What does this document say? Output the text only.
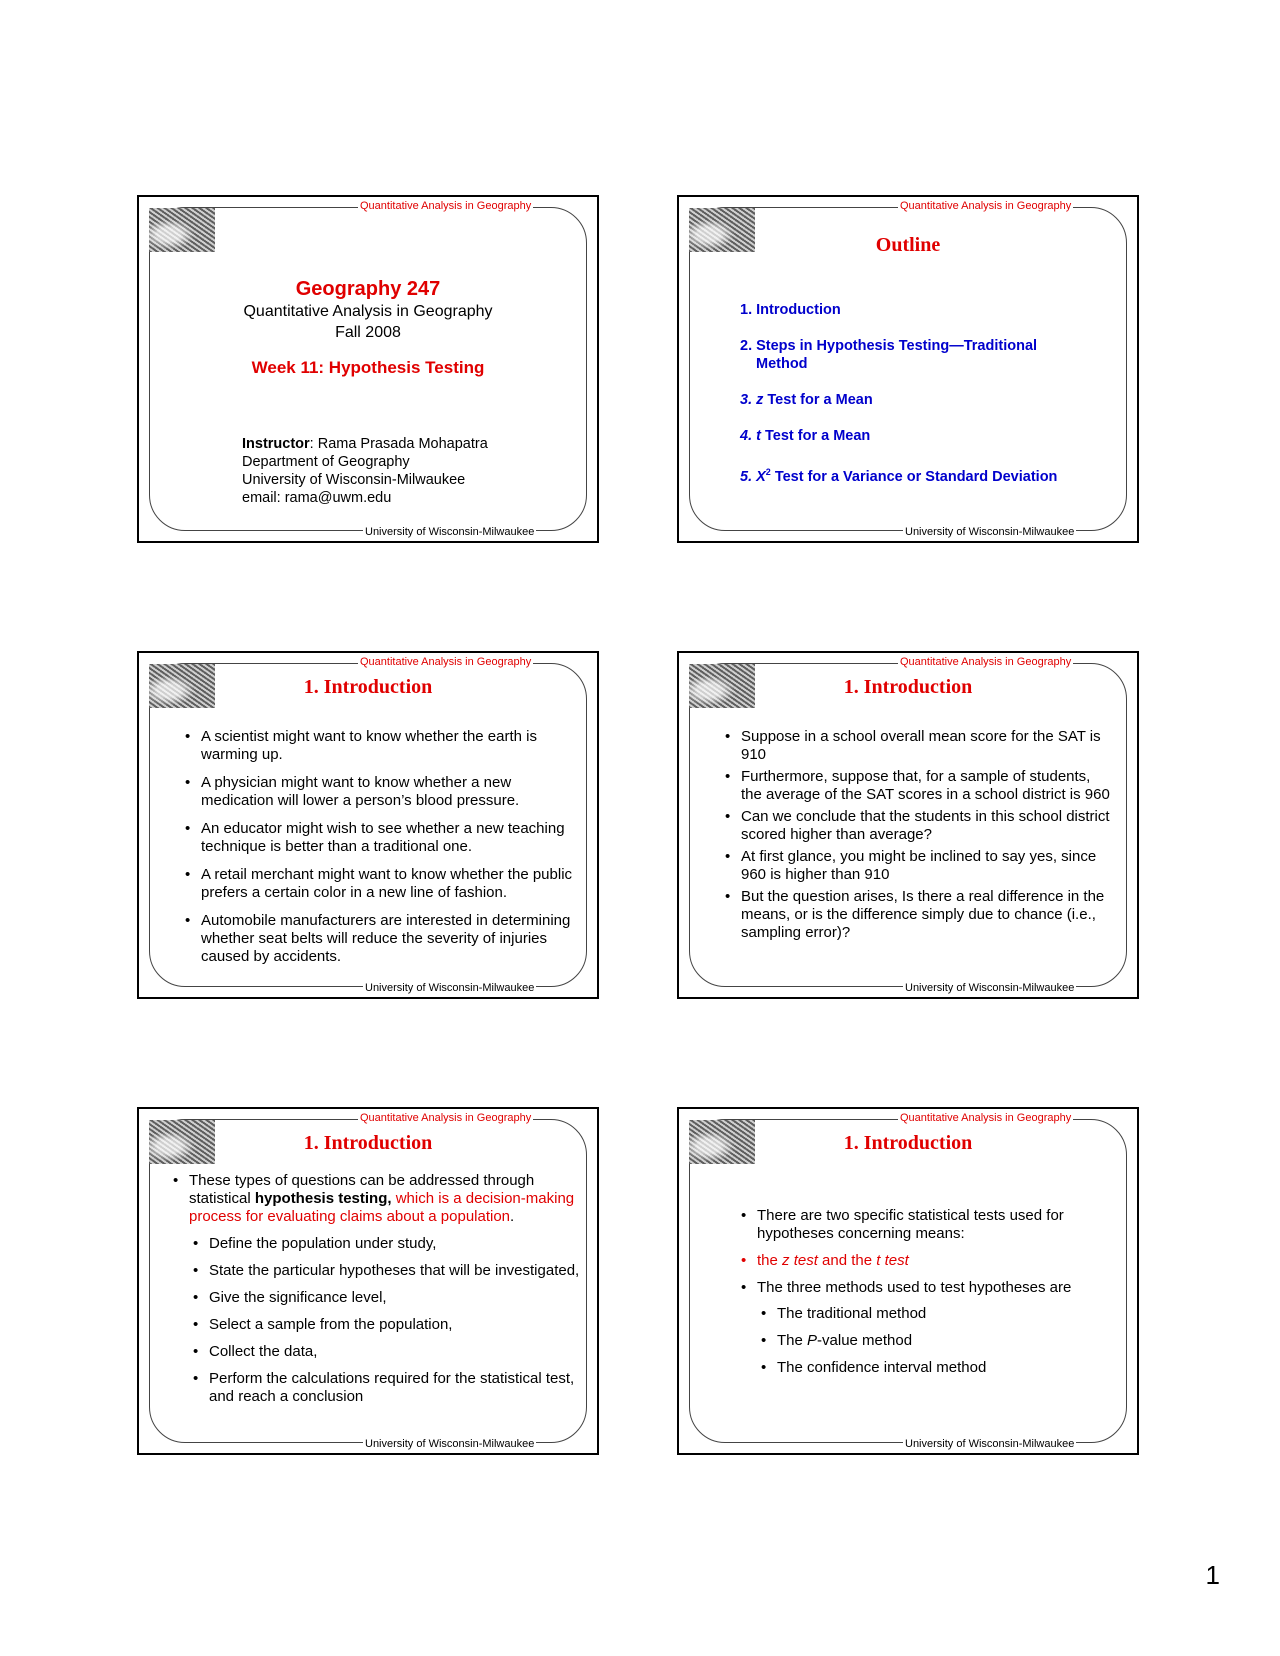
Quantitative Analysis in Geography
University of Wisconsin-Milwaukee
Geography 247
Quantitative Analysis in Geography
Fall 2008
Week 11: Hypothesis Testing
Instructor: Rama Prasada Mohapatra
Department of Geography
University of Wisconsin-Milwaukee
email: rama@uwm.edu
Quantitative Analysis in Geography
University of Wisconsin-Milwaukee
Outline
1. Introduction
2. Steps in Hypothesis Testing—Traditional
Method
3. z Test for a Mean
4. t Test for a Mean
5. $X^2$ Test for a Variance or Standard Deviation
Quantitative Analysis in Geography
University of Wisconsin-Milwaukee
1. Introduction
• A scientist might want to know whether the earth is warming up.
• A physician might want to know whether a new medication will lower a person’s blood pressure.
• An educator might wish to see whether a new teaching technique is better than a traditional one.
• A retail merchant might want to know whether the public prefers a certain color in a new line of fashion.
• Automobile manufacturers are interested in determining whether seat belts will reduce the severity of injuries caused by accidents.
Quantitative Analysis in Geography
University of Wisconsin-Milwaukee
1. Introduction
• Suppose in a school overall mean score for the SAT is 910
• Furthermore, suppose that, for a sample of students, the average of the SAT scores in a school district is 960
• Can we conclude that the students in this school district scored higher than average?
• At first glance, you might be inclined to say yes, since 960 is higher than 910
• But the question arises, Is there a real difference in the means, or is the difference simply due to chance (i.e., sampling error)?
Quantitative Analysis in Geography
University of Wisconsin-Milwaukee
1. Introduction
• These types of questions can be addressed through statistical hypothesis testing, which is a decision-making process for evaluating claims about a population.
• Define the population under study,
• State the particular hypotheses that will be investigated,
• Give the significance level,
• Select a sample from the population,
• Collect the data,
• Perform the calculations required for the statistical test, and reach a conclusion
Quantitative Analysis in Geography
University of Wisconsin-Milwaukee
1. Introduction
• There are two specific statistical tests used for hypotheses concerning means:
• the z test and the t test
• The three methods used to test hypotheses are
• The traditional method
• The P-value method
• The confidence interval method
1
